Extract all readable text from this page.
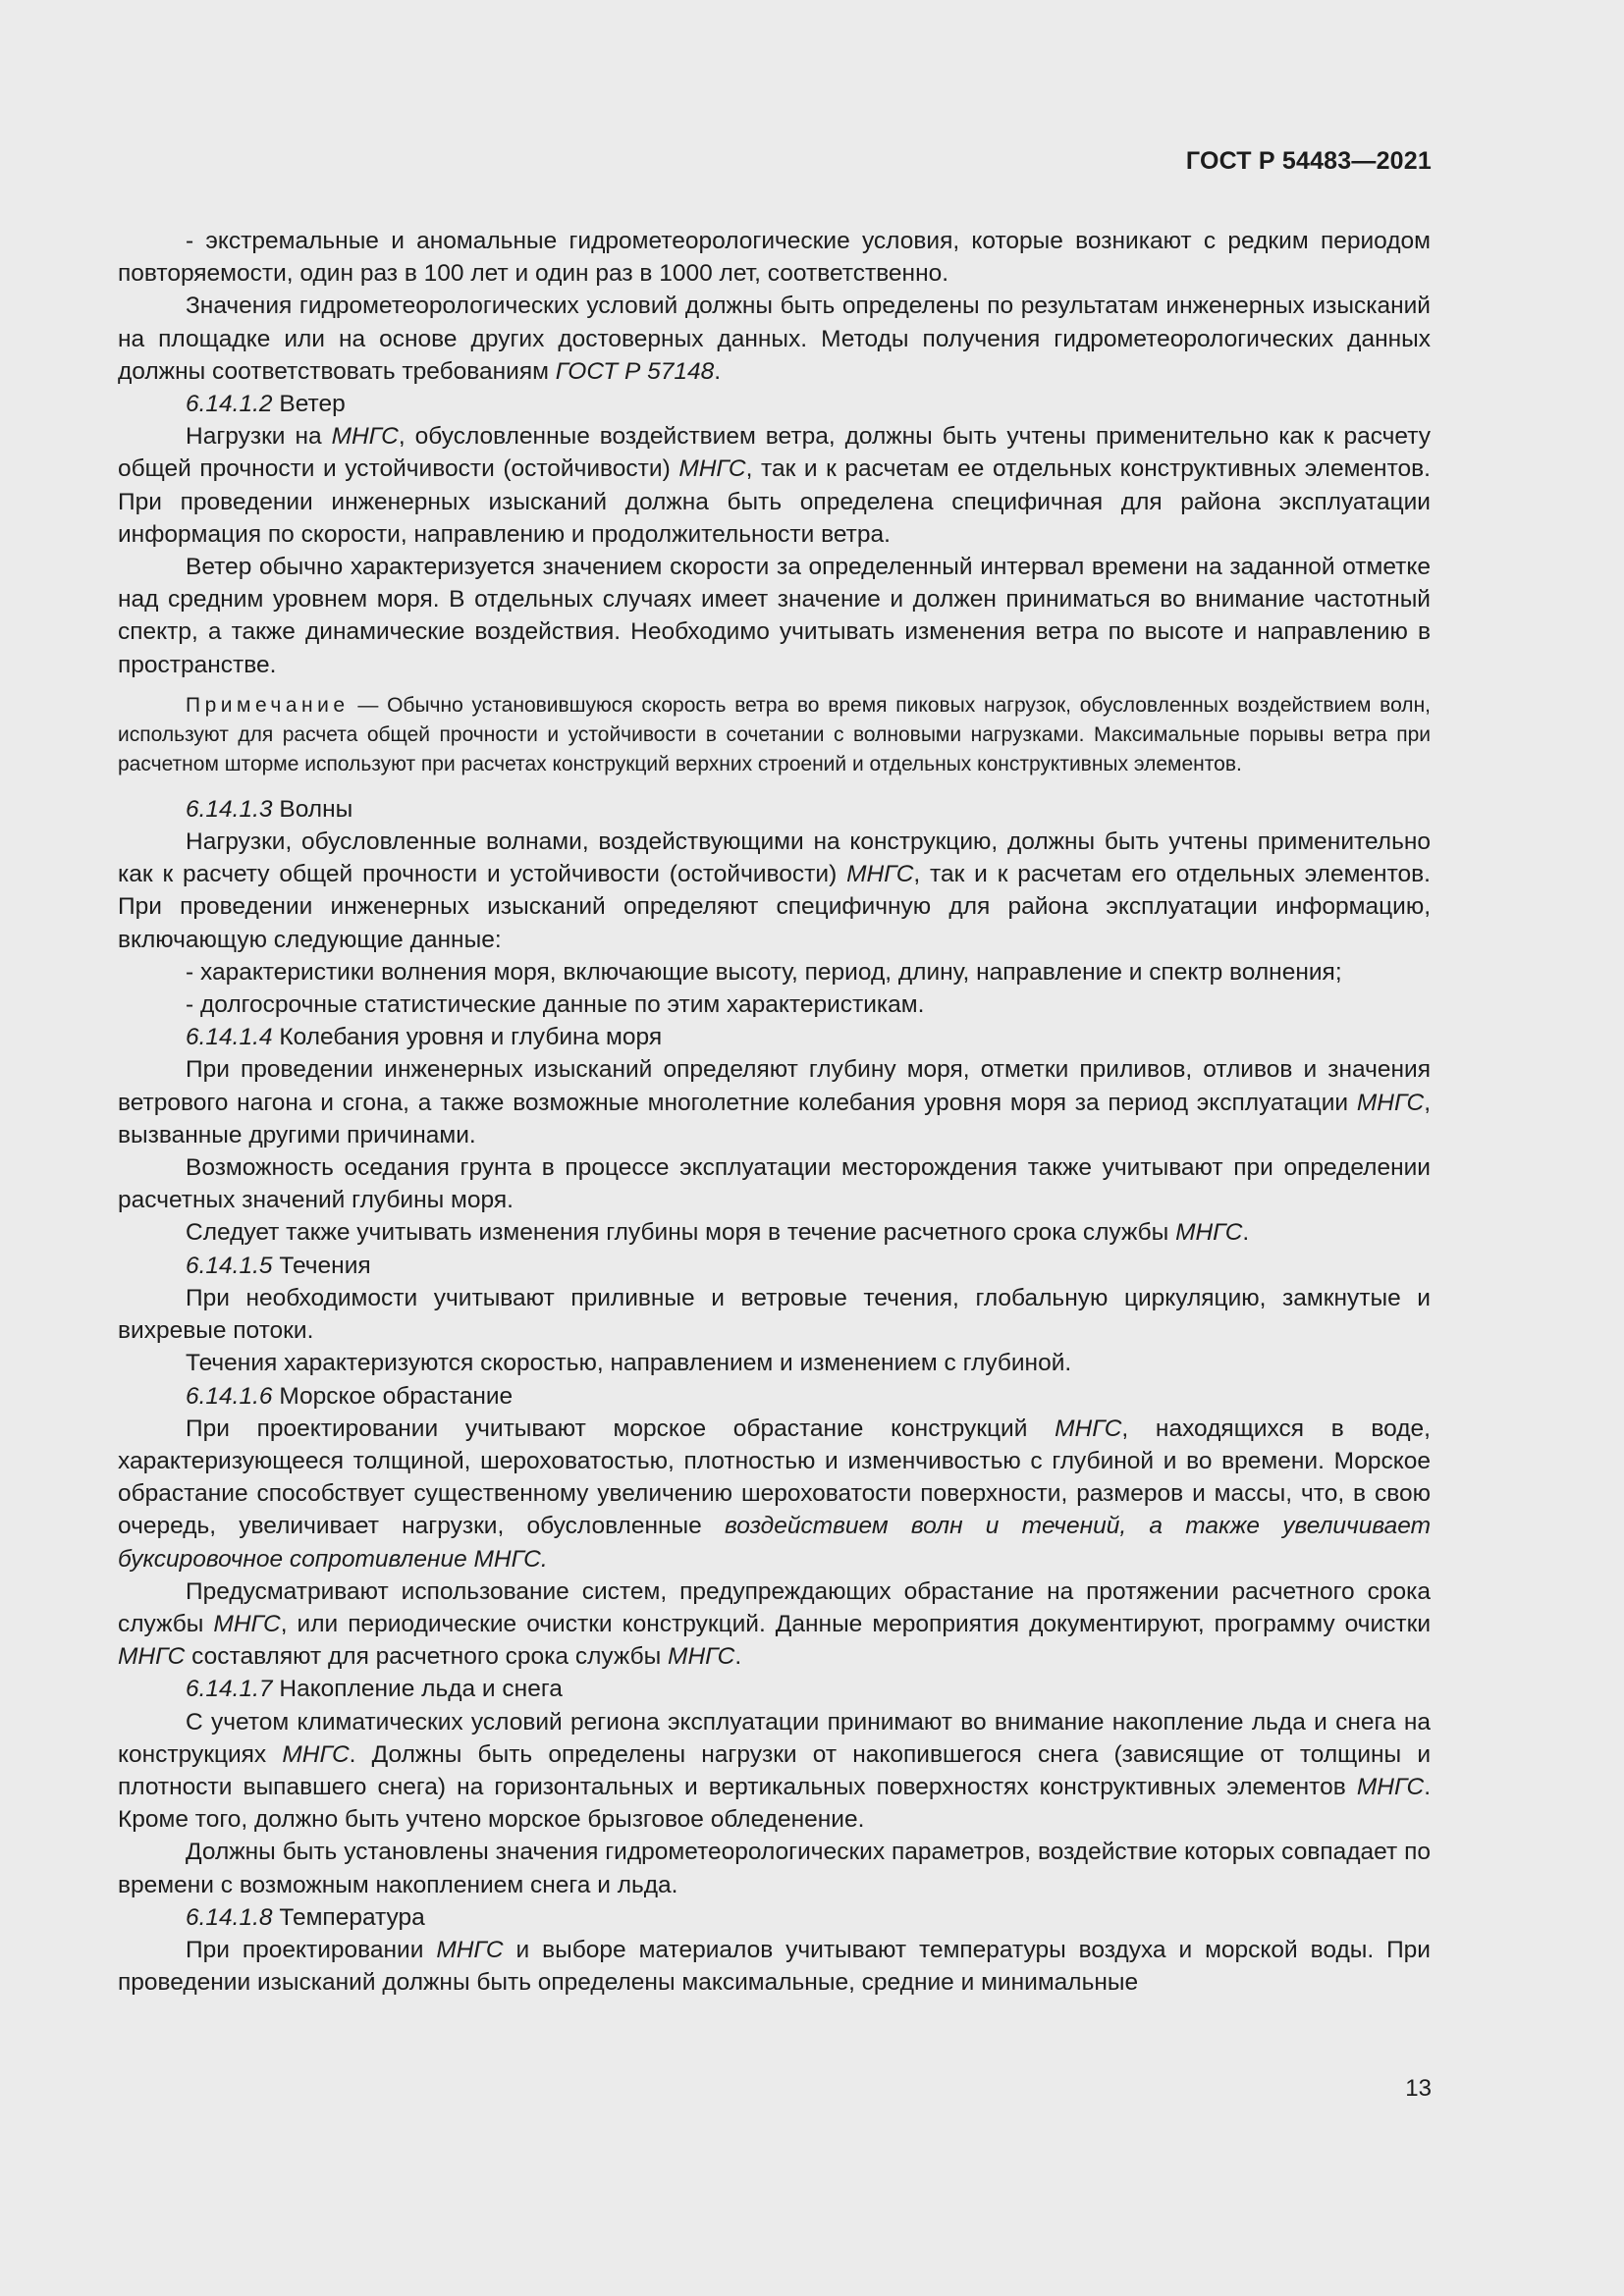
ГОСТ Р 54483—2021

- экстремальные и аномальные гидрометеорологические условия, которые возникают с редким периодом повторяемости, один раз в 100 лет и один раз в 1000 лет, соответственно.

Значения гидрометеорологических условий должны быть определены по результатам инженерных изысканий на площадке или на основе других достоверных данных. Методы получения гидрометеорологических данных должны соответствовать требованиям ГОСТ Р 57148.

6.14.1.2 Ветер

Нагрузки на МНГС, обусловленные воздействием ветра, должны быть учтены применительно как к расчету общей прочности и устойчивости (остойчивости) МНГС, так и к расчетам ее отдельных конструктивных элементов. При проведении инженерных изысканий должна быть определена специфичная для района эксплуатации информация по скорости, направлению и продолжительности ветра.

Ветер обычно характеризуется значением скорости за определенный интервал времени на заданной отметке над средним уровнем моря. В отдельных случаях имеет значение и должен приниматься во внимание частотный спектр, а также динамические воздействия. Необходимо учитывать изменения ветра по высоте и направлению в пространстве.

Примечание — Обычно установившуюся скорость ветра во время пиковых нагрузок, обусловленных воздействием волн, используют для расчета общей прочности и устойчивости в сочетании с волновыми нагрузками. Максимальные порывы ветра при расчетном шторме используют при расчетах конструкций верхних строений и отдельных конструктивных элементов.

6.14.1.3 Волны

Нагрузки, обусловленные волнами, воздействующими на конструкцию, должны быть учтены применительно как к расчету общей прочности и устойчивости (остойчивости) МНГС, так и к расчетам его отдельных элементов. При проведении инженерных изысканий определяют специфичную для района эксплуатации информацию, включающую следующие данные:

- характеристики волнения моря, включающие высоту, период, длину, направление и спектр волнения;

- долгосрочные статистические данные по этим характеристикам.

6.14.1.4 Колебания уровня и глубина моря

При проведении инженерных изысканий определяют глубину моря, отметки приливов, отливов и значения ветрового нагона и сгона, а также возможные многолетние колебания уровня моря за период эксплуатации МНГС, вызванные другими причинами.

Возможность оседания грунта в процессе эксплуатации месторождения также учитывают при определении расчетных значений глубины моря.

Следует также учитывать изменения глубины моря в течение расчетного срока службы МНГС.

6.14.1.5 Течения

При необходимости учитывают приливные и ветровые течения, глобальную циркуляцию, замкнутые и вихревые потоки.

Течения характеризуются скоростью, направлением и изменением с глубиной.

6.14.1.6 Морское обрастание

При проектировании учитывают морское обрастание конструкций МНГС, находящихся в воде, характеризующееся толщиной, шероховатостью, плотностью и изменчивостью с глубиной и во времени. Морское обрастание способствует существенному увеличению шероховатости поверхности, размеров и массы, что, в свою очередь, увеличивает нагрузки, обусловленные воздействием волн и течений, а также увеличивает буксировочное сопротивление МНГС.

Предусматривают использование систем, предупреждающих обрастание на протяжении расчетного срока службы МНГС, или периодические очистки конструкций. Данные мероприятия документируют, программу очистки МНГС составляют для расчетного срока службы МНГС.

6.14.1.7 Накопление льда и снега

С учетом климатических условий региона эксплуатации принимают во внимание накопление льда и снега на конструкциях МНГС. Должны быть определены нагрузки от накопившегося снега (зависящие от толщины и плотности выпавшего снега) на горизонтальных и вертикальных поверхностях конструктивных элементов МНГС. Кроме того, должно быть учтено морское брызговое обледенение.

Должны быть установлены значения гидрометеорологических параметров, воздействие которых совпадает по времени с возможным накоплением снега и льда.

6.14.1.8 Температура

При проектировании МНГС и выборе материалов учитывают температуры воздуха и морской воды. При проведении изысканий должны быть определены максимальные, средние и минимальные

13
